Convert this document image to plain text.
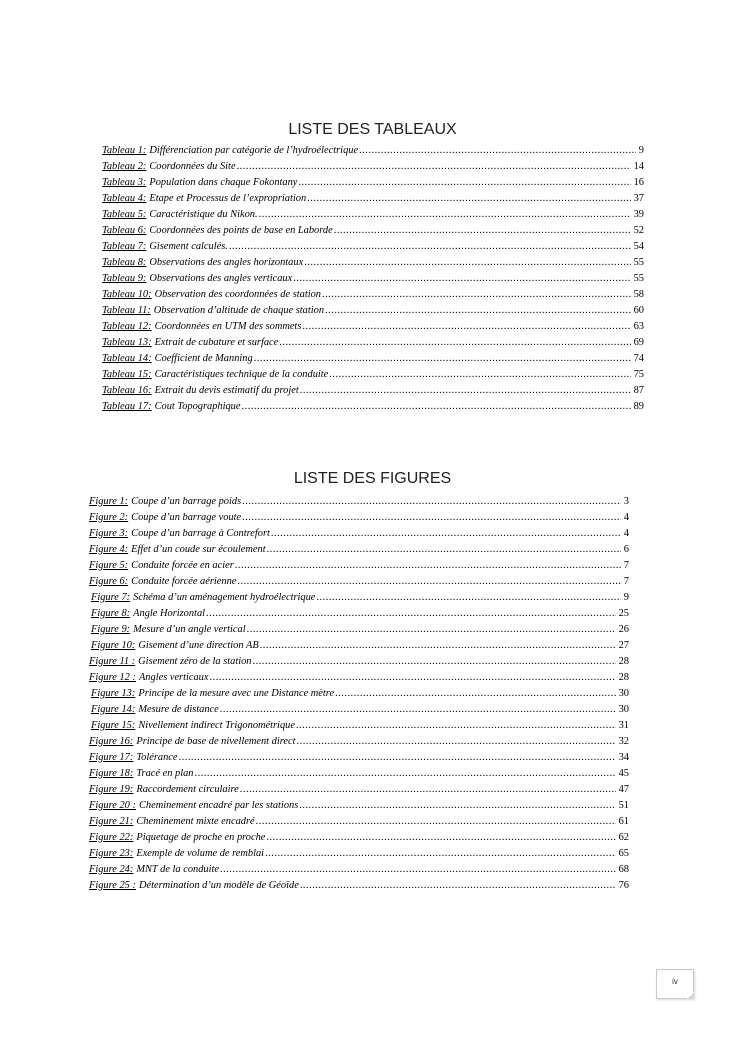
LISTE DES TABLEAUX
Tableau 1: Différenciation par catégorie de l’hydroélectrique .....	9
Tableau 2: Coordonnées du Site .....	14
Tableau 3: Population dans chaque Fokontany .....	16
Tableau 4: Etape et Processus de l’expropriation .....	37
Tableau 5: Caractéristique du Nikon. .....	39
Tableau 6: Coordonnées des points de base en Laborde .....	52
Tableau 7: Gisement calculés. .....	54
Tableau 8: Observations des angles horizontaux .....	55
Tableau 9: Observations des angles verticaux .....	55
Tableau 10: Observation des coordonnées de station .....	58
Tableau 11: Observation d’altitude de chaque station .....	60
Tableau 12: Coordonnées en UTM des sommets .....	63
Tableau 13: Extrait de cubature et surface .....	69
Tableau 14: Coefficient de Manning .....	74
Tableau 15: Caractéristiques technique de la conduite .....	75
Tableau 16: Extrait du devis estimatif du projet .....	87
Tableau 17: Cout Topographique .....	89
LISTE DES FIGURES
Figure 1: Coupe d’un barrage poids .....	3
Figure 2: Coupe d’un barrage voute .....	4
Figure 3: Coupe d’un barrage à Contrefort .....	4
Figure 4: Effet d’un coude sur écoulement .....	6
Figure 5: Conduite forcée en acier .....	7
Figure 6: Conduite forcée aérienne .....	7
Figure 7: Schéma d’un aménagement hydroélectrique .....	9
Figure 8: Angle Horizontal .....	25
Figure 9: Mesure d’un angle vertical .....	26
Figure 10: Gisement d’une direction AB .....	27
Figure 11 : Gisement zéro de la station .....	28
Figure 12 : Angles verticaux .....	28
Figure 13: Principe de la mesure avec une Distance mètre .....	30
Figure 14: Mesure de distance .....	30
Figure 15: Nivellement indirect Trigonométrique .....	31
Figure 16: Principe de base de nivellement direct .....	32
Figure 17: Tolérance .....	34
Figure 18: Tracé en plan .....	45
Figure 19: Raccordement circulaire .....	47
Figure 20 : Cheminement encadré par les stations .....	51
Figure 21: Cheminement mixte encadré .....	61
Figure 22: Piquetage de proche en proche .....	62
Figure 23: Exemple de volume de remblai .....	65
Figure 24: MNT de la conduite .....	68
Figure 25 : Détermination d’un modèle de Géoïde .....	76
iv
